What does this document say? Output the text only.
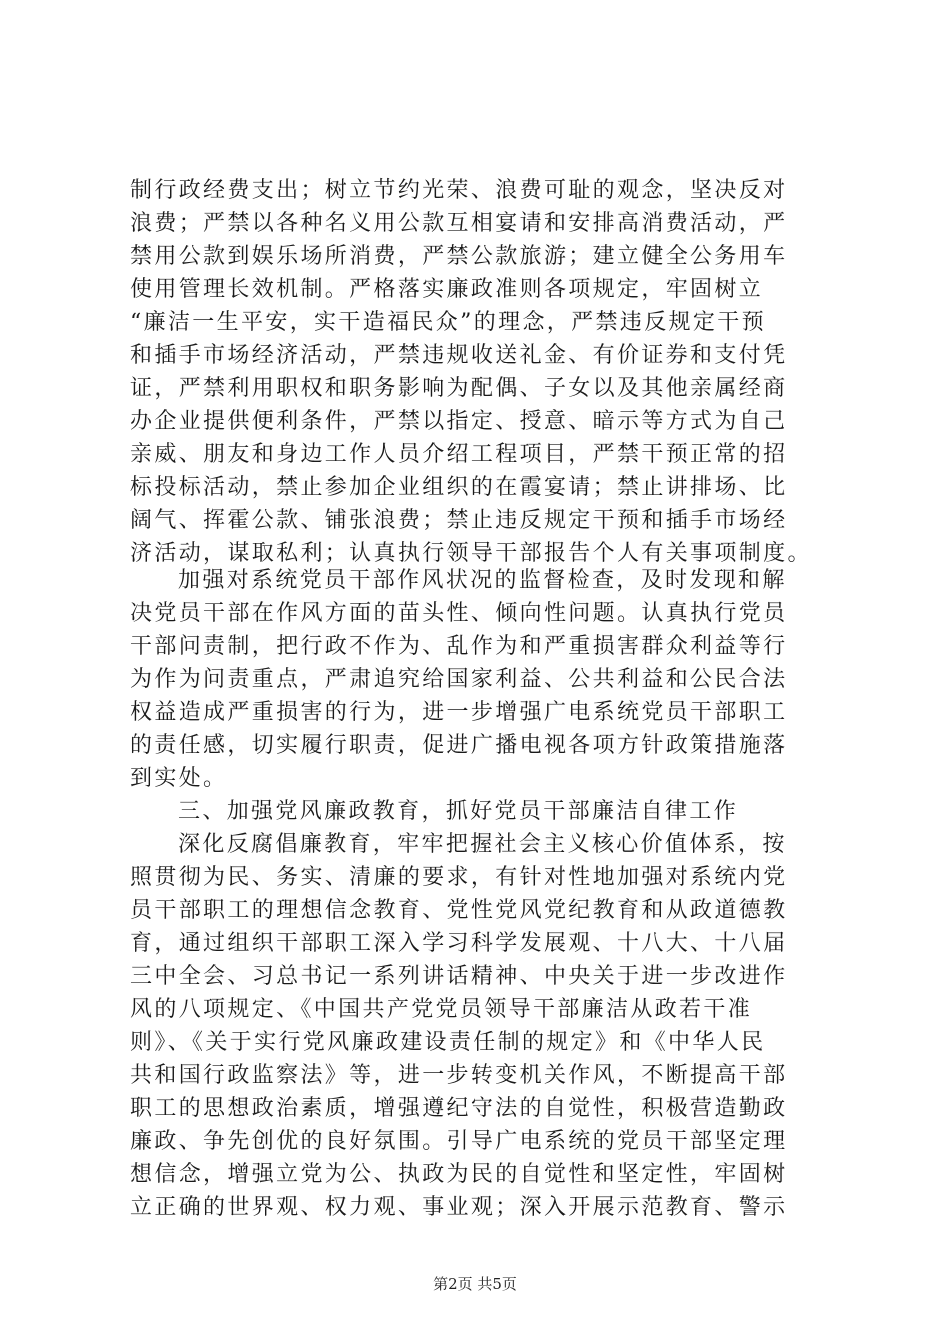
制行政经费支出；树立节约光荣、浪费可耻的观念，坚决反对
浪费；严禁以各种名义用公款互相宴请和安排高消费活动，严
禁用公款到娱乐场所消费，严禁公款旅游；建立健全公务用车
使用管理长效机制。严格落实廉政准则各项规定，牢固树立
“廉洁一生平安，实干造福民众”的理念，严禁违反规定干预
和插手市场经济活动，严禁违规收送礼金、有价证券和支付凭
证，严禁利用职权和职务影响为配偶、子女以及其他亲属经商
办企业提供便利条件，严禁以指定、授意、暗示等方式为自己
亲威、朋友和身边工作人员介绍工程项目，严禁干预正常的招
标投标活动，禁止参加企业组织的在霞宴请；禁止讲排场、比
阔气、挥霍公款、铺张浪费；禁止违反规定干预和插手市场经
济活动，谋取私利；认真执行领导干部报告个人有关事项制度。
加强对系统党员干部作风状况的监督检查，及时发现和解
决党员干部在作风方面的苗头性、倾向性问题。认真执行党员
干部问责制，把行政不作为、乱作为和严重损害群众利益等行
为作为问责重点，严肃追究给国家利益、公共利益和公民合法
权益造成严重损害的行为，进一步增强广电系统党员干部职工
的责任感，切实履行职责，促进广播电视各项方针政策措施落
到实处。
三、加强党风廉政教育，抓好党员干部廉洁自律工作
深化反腐倡廉教育，牢牢把握社会主义核心价值体系，按
照贯彻为民、务实、清廉的要求，有针对性地加强对系统内党
员干部职工的理想信念教育、党性党风党纪教育和从政道德教
育，通过组织干部职工深入学习科学发展观、十八大、十八届
三中全会、习总书记一系列讲话精神、中央关于进一步改进作
风的八项规定、《中国共产党党员领导干部廉洁从政若干准
则》、《关于实行党风廉政建设责任制的规定》和《中华人民
共和国行政监察法》等，进一步转变机关作风，不断提高干部
职工的思想政治素质，增强遵纪守法的自觉性，积极营造勤政
廉政、争先创优的良好氛围。引导广电系统的党员干部坚定理
想信念，增强立党为公、执政为民的自觉性和坚定性，牢固树
立正确的世界观、权力观、事业观；深入开展示范教育、警示
第2页 共5页
